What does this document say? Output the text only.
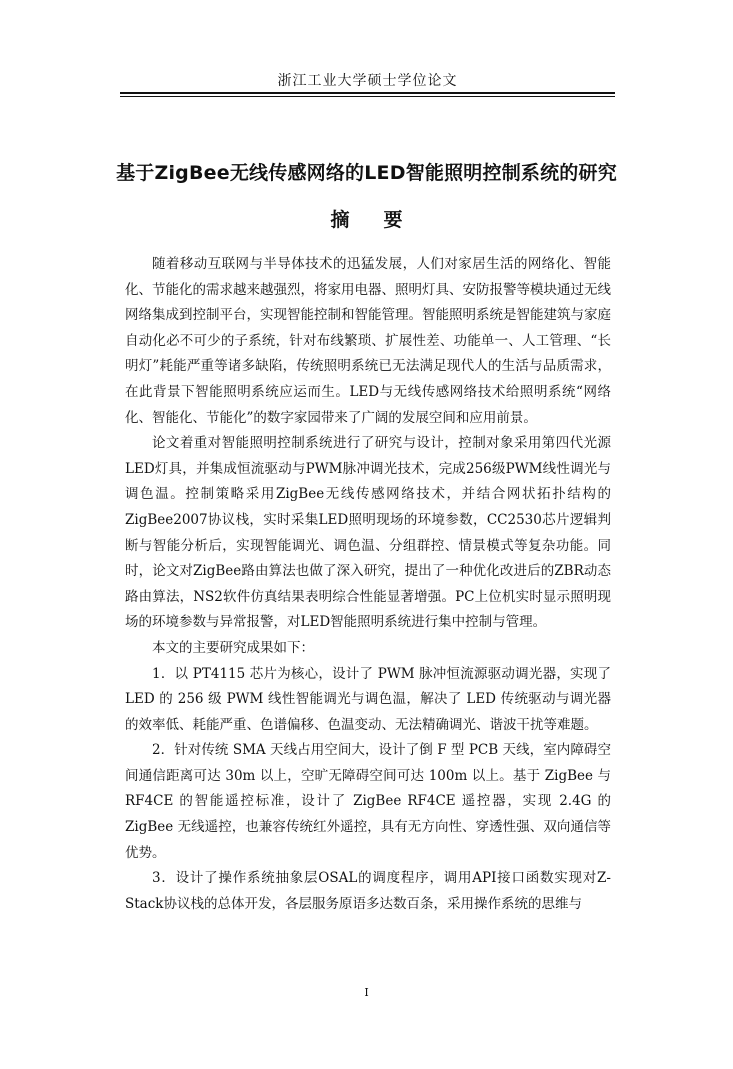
浙江工业大学硕士学位论文
基于ZigBee无线传感网络的LED智能照明控制系统的研究
摘要

随着移动互联网与半导体技术的迅猛发展，人们对家居生活的网络化、智能化、节能化的需求越来越强烈，将家用电器、照明灯具、安防报警等模块通过无线网络集成到控制平台，实现智能控制和智能管理。智能照明系统是智能建筑与家庭自动化必不可少的子系统，针对布线繁琐、扩展性差、功能单一、人工管理、“长明灯”耗能严重等诸多缺陷，传统照明系统已无法满足现代人的生活与品质需求，在此背景下智能照明系统应运而生。LED与无线传感网络技术给照明系统“网络化、智能化、节能化”的数字家园带来了广阔的发展空间和应用前景。

论文着重对智能照明控制系统进行了研究与设计，控制对象采用第四代光源LED灯具，并集成恒流驱动与PWM脉冲调光技术，完成256级PWM线性调光与调色温。控制策略采用ZigBee无线传感网络技术，并结合网状拓扑结构的ZigBee2007协议栈，实时采集LED照明现场的环境参数，CC2530芯片逻辑判断与智能分析后，实现智能调光、调色温、分组群控、情景模式等复杂功能。同时，论文对ZigBee路由算法也做了深入研究，提出了一种优化改进后的ZBR动态路由算法，NS2软件仿真结果表明综合性能显著增强。PC上位机实时显示照明现场的环境参数与异常报警，对LED智能照明系统进行集中控制与管理。

本文的主要研究成果如下：

1．以 PT4115 芯片为核心，设计了 PWM 脉冲恒流源驱动调光器，实现了 LED 的 256 级 PWM 线性智能调光与调色温，解决了 LED 传统驱动与调光器的效率低、耗能严重、色谱偏移、色温变动、无法精确调光、谐波干扰等难题。

2．针对传统 SMA 天线占用空间大，设计了倒 F 型 PCB 天线，室内障碍空间通信距离可达 30m 以上，空旷无障碍空间可达 100m 以上。基于 ZigBee 与 RF4CE 的智能遥控标准，设计了 ZigBee RF4CE 遥控器，实现 2.4G 的 ZigBee 无线遥控，也兼容传统红外遥控，具有无方向性、穿透性强、双向通信等优势。

3．设计了操作系统抽象层OSAL的调度程序，调用API接口函数实现对Z-Stack协议栈的总体开发，各层服务原语多达数百条，采用操作系统的思维与

I
